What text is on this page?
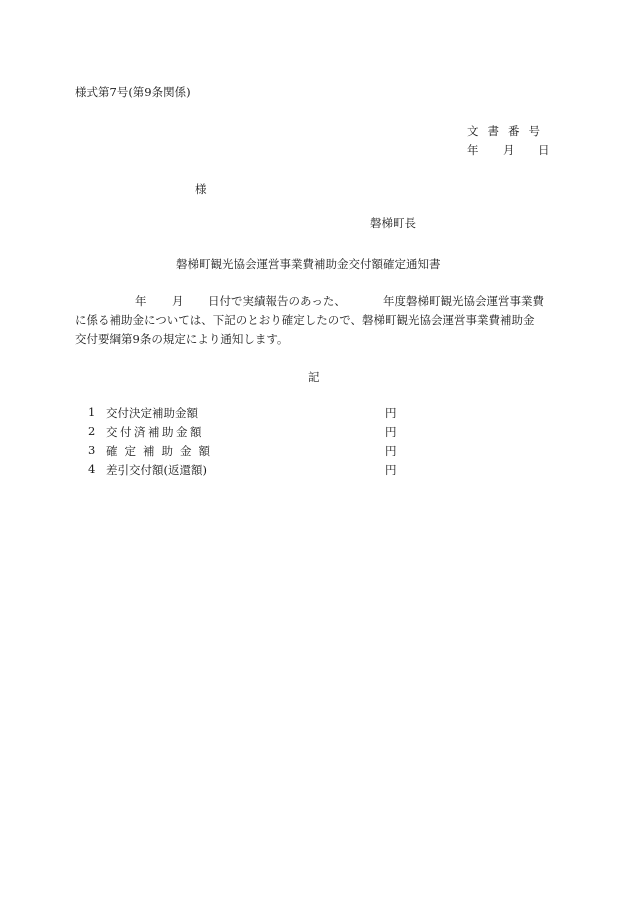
様式第7号(第9条関係)
文書番号
年 月 日
様
磐梯町長
磐梯町観光協会運営事業費補助金交付額確定通知書
年 月 日付で実績報告のあった、	年度磐梯町観光協会運営事業費
に係る補助金については、下記のとおり確定したので、磐梯町観光協会運営事業費補助金
交付要綱第9条の規定により通知します。
記
1 交付決定補助金額	円
2 交付済補助金額	円
3 確定補助金額	円
4 差引交付額(返還額)	円
